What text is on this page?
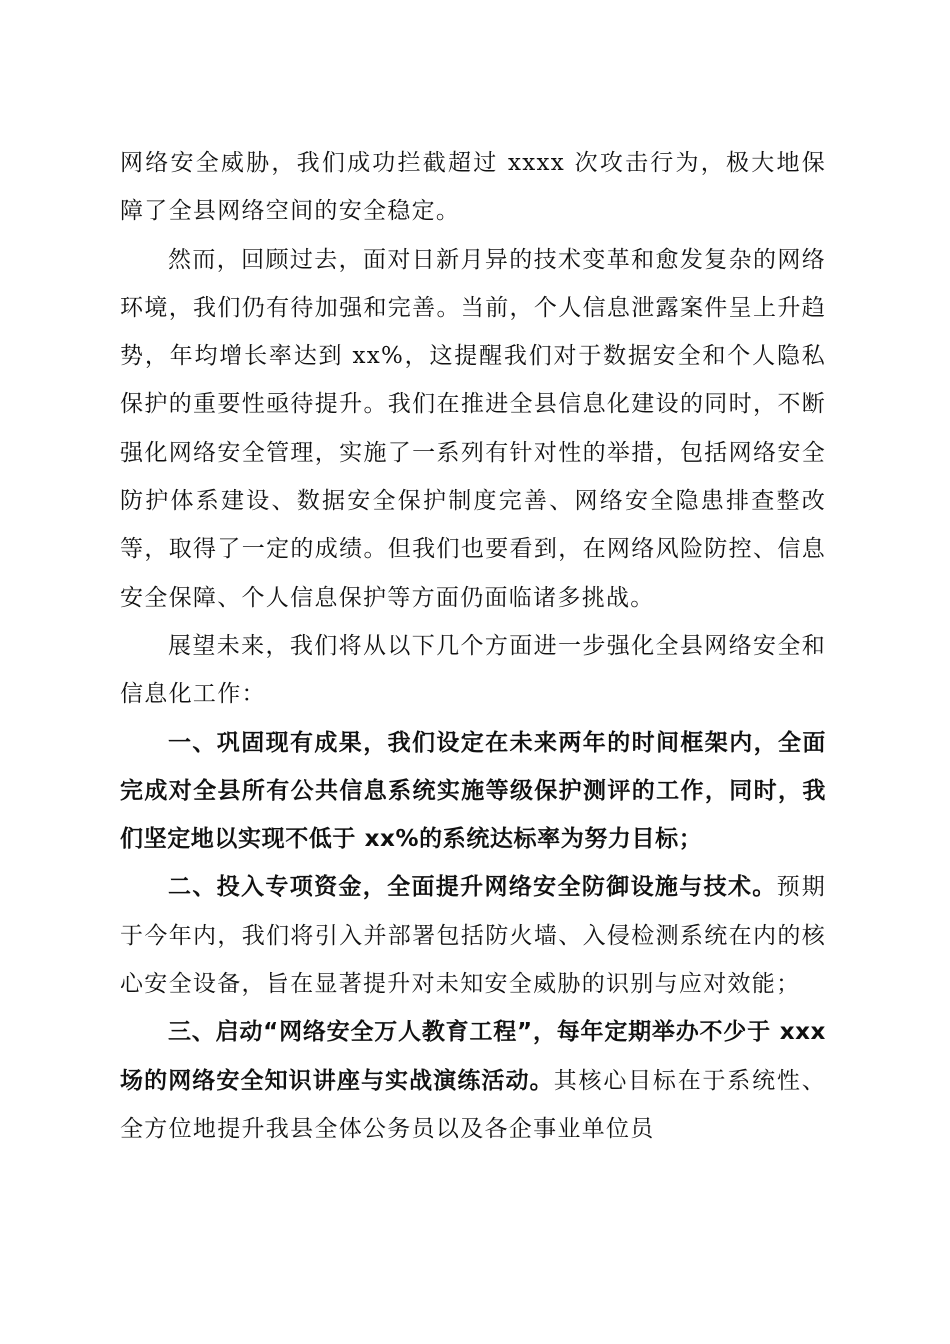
网络安全威胁，我们成功拦截超过 xxxx 次攻击行为，极大地保障了全县网络空间的安全稳定。

然而，回顾过去，面对日新月异的技术变革和愈发复杂的网络环境，我们仍有待加强和完善。当前，个人信息泄露案件呈上升趋势，年均增长率达到 xx%，这提醒我们对于数据安全和个人隐私保护的重要性亟待提升。我们在推进全县信息化建设的同时，不断强化网络安全管理，实施了一系列有针对性的举措，包括网络安全防护体系建设、数据安全保护制度完善、网络安全隐患排查整改等，取得了一定的成绩。但我们也要看到，在网络风险防控、信息安全保障、个人信息保护等方面仍面临诸多挑战。

展望未来，我们将从以下几个方面进一步强化全县网络安全和信息化工作：

一、巩固现有成果，我们设定在未来两年的时间框架内，全面完成对全县所有公共信息系统实施等级保护测评的工作，同时，我们坚定地以实现不低于 xx%的系统达标率为努力目标；

二、投入专项资金，全面提升网络安全防御设施与技术。预期于今年内，我们将引入并部署包括防火墙、入侵检测系统在内的核心安全设备，旨在显著提升对未知安全威胁的识别与应对效能；

三、启动“网络安全万人教育工程”，每年定期举办不少于 xxx 场的网络安全知识讲座与实战演练活动。其核心目标在于系统性、全方位地提升我县全体公务员以及各企事业单位员
